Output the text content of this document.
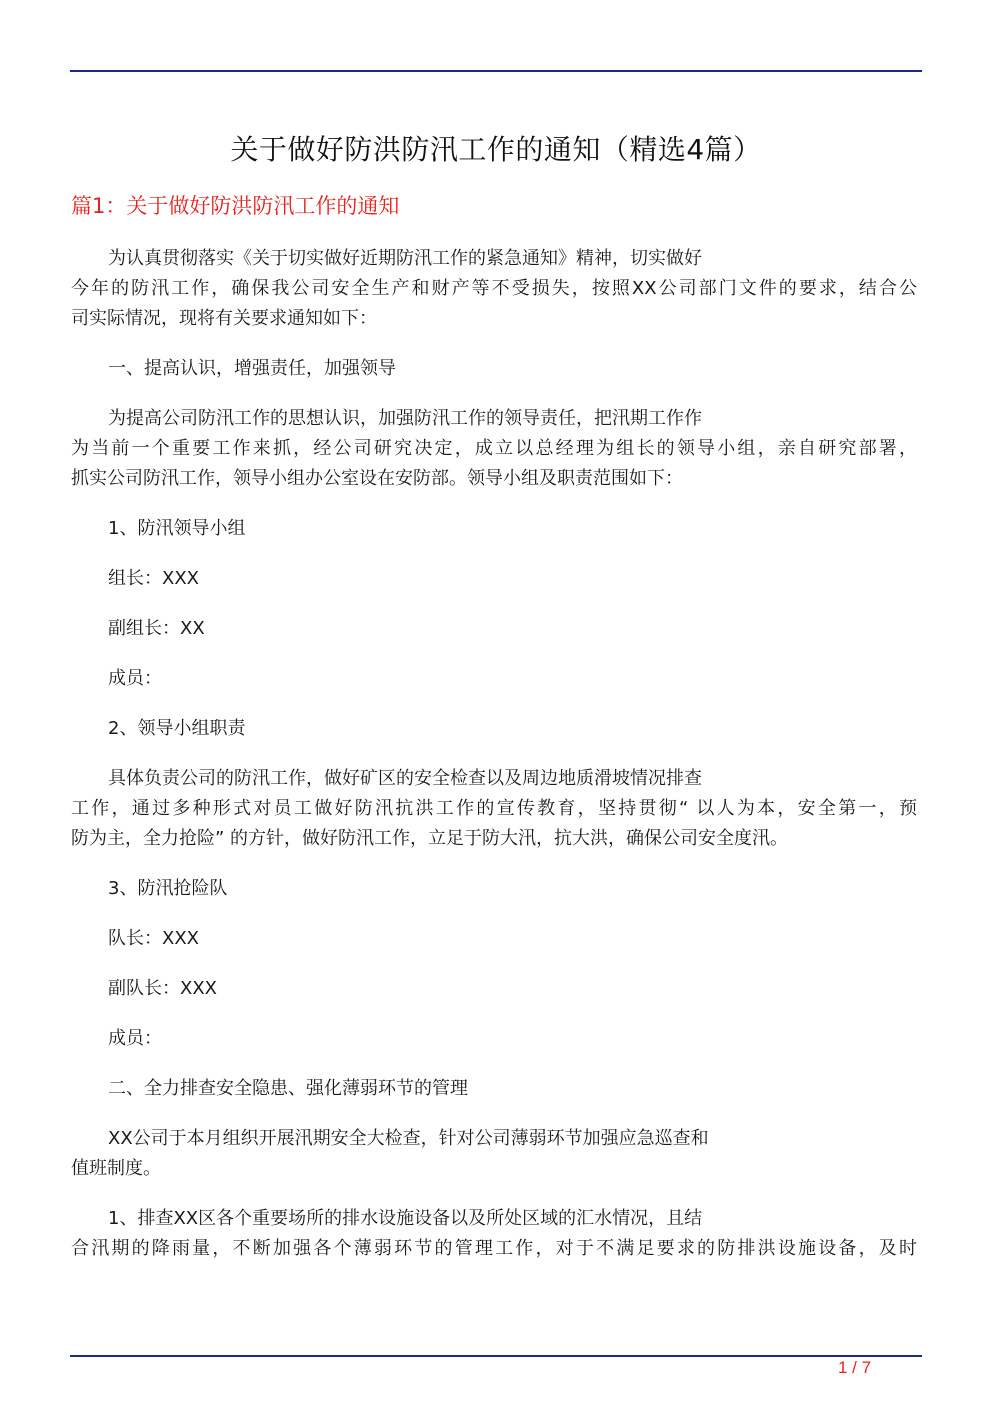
关于做好防洪防汛工作的通知（精选4篇）
篇1：关于做好防洪防汛工作的通知
为认真贯彻落实《关于切实做好近期防汛工作的紧急通知》精神，切实做好
今年的防汛工作，确保我公司安全生产和财产等不受损失，按照XX公司部门文件的要求，结合公
司实际情况，现将有关要求通知如下：
一、提高认识，增强责任，加强领导
为提高公司防汛工作的思想认识，加强防汛工作的领导责任，把汛期工作作
为当前一个重要工作来抓，经公司研究决定，成立以总经理为组长的领导小组，亲自研究部署，
抓实公司防汛工作，领导小组办公室设在安防部。领导小组及职责范围如下：
1、防汛领导小组
组长：XXX
副组长：XX
成员：
2、领导小组职责
具体负责公司的防汛工作，做好矿区的安全检查以及周边地质滑坡情况排查
工作，通过多种形式对员工做好防汛抗洪工作的宣传教育，坚持贯彻“ 以人为本，安全第一，预
防为主，全力抢险” 的方针，做好防汛工作，立足于防大汛，抗大洪，确保公司安全度汛。
3、防汛抢险队
队长：XXX
副队长：XXX
成员：
二、全力排查安全隐患、强化薄弱环节的管理
XX公司于本月组织开展汛期安全大检查，针对公司薄弱环节加强应急巡查和
值班制度。
1、排查XX区各个重要场所的排水设施设备以及所处区域的汇水情况，且结
合汛期的降雨量，不断加强各个薄弱环节的管理工作，对于不满足要求的防排洪设施设备，及时
1 / 7
